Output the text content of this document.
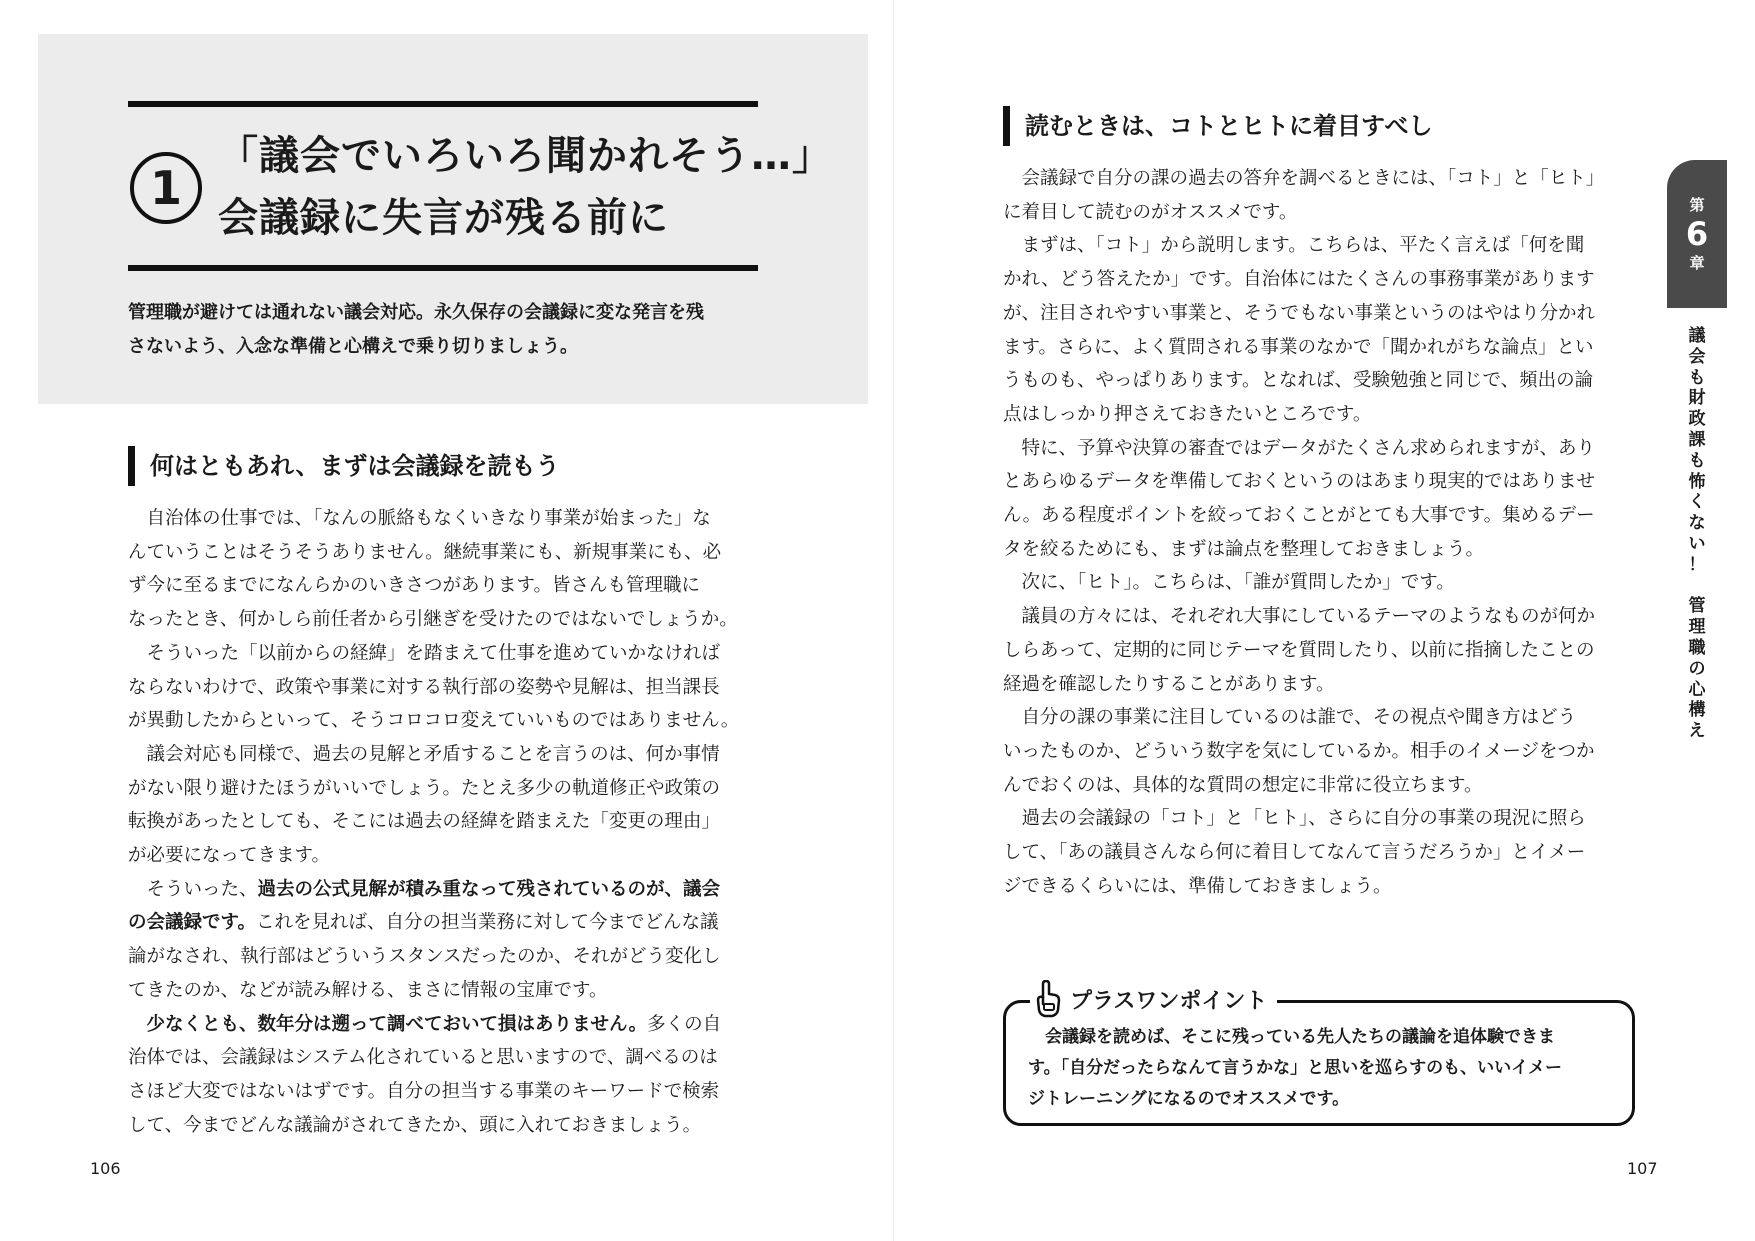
1
「議会でいろいろ聞かれそう…」
会議録に失言が残る前に
管理職が避けては通れない議会対応。永久保存の会議録に変な発言を残
さないよう、入念な準備と心構えで乗り切りましょう。
何はともあれ、まずは会議録を読もう

　自治体の仕事では、「なんの脈絡もなくいきなり事業が始まった」な

んていうことはそうそうありません。継続事業にも、新規事業にも、必

ず今に至るまでになんらかのいきさつがあります。皆さんも管理職に

なったとき、何かしら前任者から引継ぎを受けたのではないでしょうか。

　そういった「以前からの経緯」を踏まえて仕事を進めていかなければ

ならないわけで、政策や事業に対する執行部の姿勢や見解は、担当課長

が異動したからといって、そうコロコロ変えていいものではありません。

　議会対応も同様で、過去の見解と矛盾することを言うのは、何か事情

がない限り避けたほうがいいでしょう。たとえ多少の軌道修正や政策の

転換があったとしても、そこには過去の経緯を踏まえた「変更の理由」

が必要になってきます。

　そういった、過去の公式見解が積み重なって残されているのが、議会

の会議録です。これを見れば、自分の担当業務に対して今までどんな議

論がなされ、執行部はどういうスタンスだったのか、それがどう変化し

てきたのか、などが読み解ける、まさに情報の宝庫です。

　少なくとも、数年分は遡って調べておいて損はありません。多くの自

治体では、会議録はシステム化されていると思いますので、調べるのは

さほど大変ではないはずです。自分の担当する事業のキーワードで検索

して、今までどんな議論がされてきたか、頭に入れておきましょう。

106
読むときは、コトとヒトに着目すべし

　会議録で自分の課の過去の答弁を調べるときには、「コト」と「ヒト」

に着目して読むのがオススメです。

　まずは、「コト」から説明します。こちらは、平たく言えば「何を聞

かれ、どう答えたか」です。自治体にはたくさんの事務事業があります

が、注目されやすい事業と、そうでもない事業というのはやはり分かれ

ます。さらに、よく質問される事業のなかで「聞かれがちな論点」とい

うものも、やっぱりあります。となれば、受験勉強と同じで、頻出の論

点はしっかり押さえておきたいところです。

　特に、予算や決算の審査ではデータがたくさん求められますが、あり

とあらゆるデータを準備しておくというのはあまり現実的ではありませ

ん。ある程度ポイントを絞っておくことがとても大事です。集めるデー

タを絞るためにも、まずは論点を整理しておきましょう。

　次に、「ヒト」。こちらは、「誰が質問したか」です。

　議員の方々には、それぞれ大事にしているテーマのようなものが何か

しらあって、定期的に同じテーマを質問したり、以前に指摘したことの

経過を確認したりすることがあります。

　自分の課の事業に注目しているのは誰で、その視点や聞き方はどう

いったものか、どういう数字を気にしているか。相手のイメージをつか

んでおくのは、具体的な質問の想定に非常に役立ちます。

　過去の会議録の「コト」と「ヒト」、さらに自分の事業の現況に照ら

して、「あの議員さんなら何に着目してなんて言うだろうか」とイメー

ジできるくらいには、準備しておきましょう。

プラスワンポイント

　会議録を読めば、そこに残っている先人たちの議論を追体験できま

す。「自分だったらなんて言うかな」と思いを巡らすのも、いいイメー

ジトレーニングになるのでオススメです。

107
第
6
章
議
会
も
財
政
課
も
怖
く
な
い
！

管
理
職
の
心
構
え
